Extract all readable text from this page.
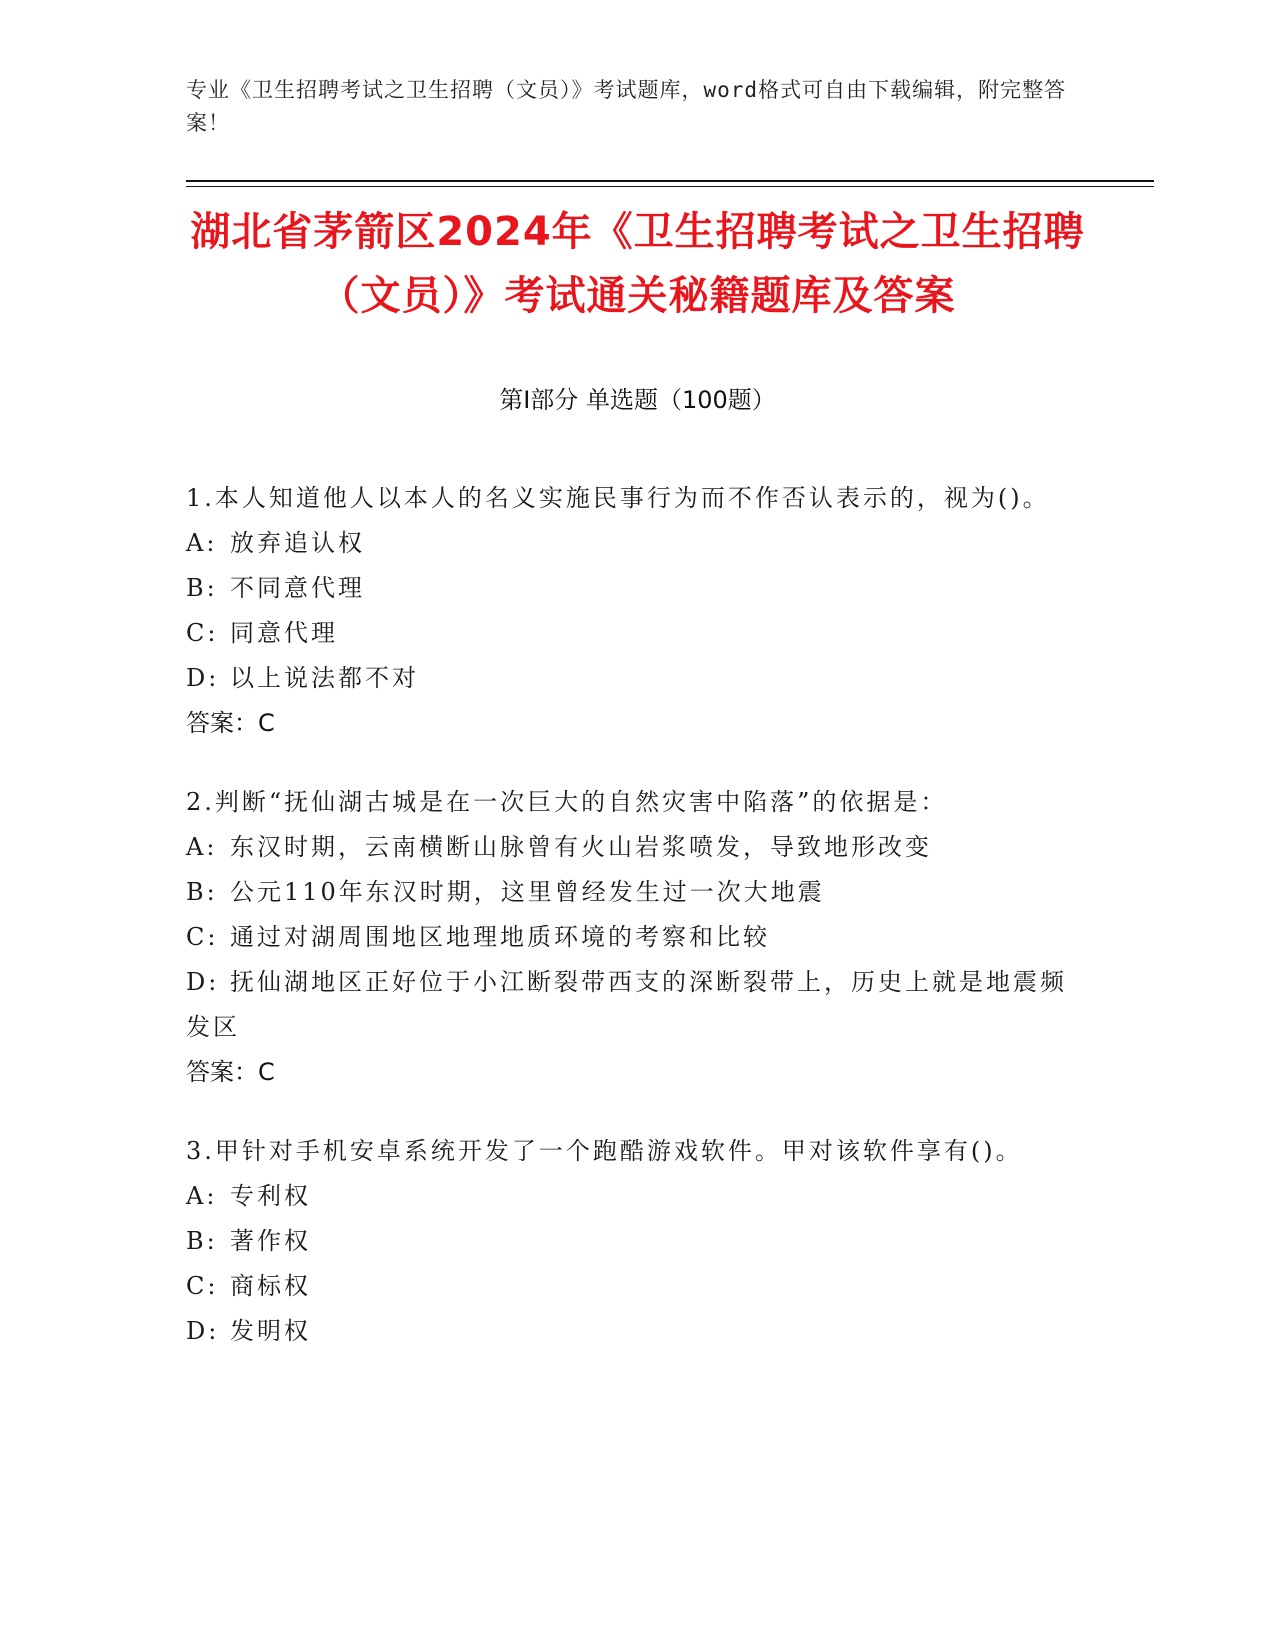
专业《卫生招聘考试之卫生招聘（文员）》考试题库，word格式可自由下载编辑，附完整答案！
湖北省茅箭区2024年《卫生招聘考试之卫生招聘（文员）》考试通关秘籍题库及答案
第Ⅰ部分 单选题（100题）

1.本人知道他人以本人的名义实施民事行为而不作否认表示的，视为()。

A: 放弃追认权

B: 不同意代理

C: 同意代理

D: 以上说法都不对

答案：C

2.判断“抚仙湖古城是在一次巨大的自然灾害中陷落”的依据是：

A: 东汉时期，云南横断山脉曾有火山岩浆喷发，导致地形改变

B: 公元110年东汉时期，这里曾经发生过一次大地震

C: 通过对湖周围地区地理地质环境的考察和比较

D: 抚仙湖地区正好位于小江断裂带西支的深断裂带上，历史上就是地震频发区

答案：C

3.甲针对手机安卓系统开发了一个跑酷游戏软件。甲对该软件享有()。

A: 专利权

B: 著作权

C: 商标权

D: 发明权
